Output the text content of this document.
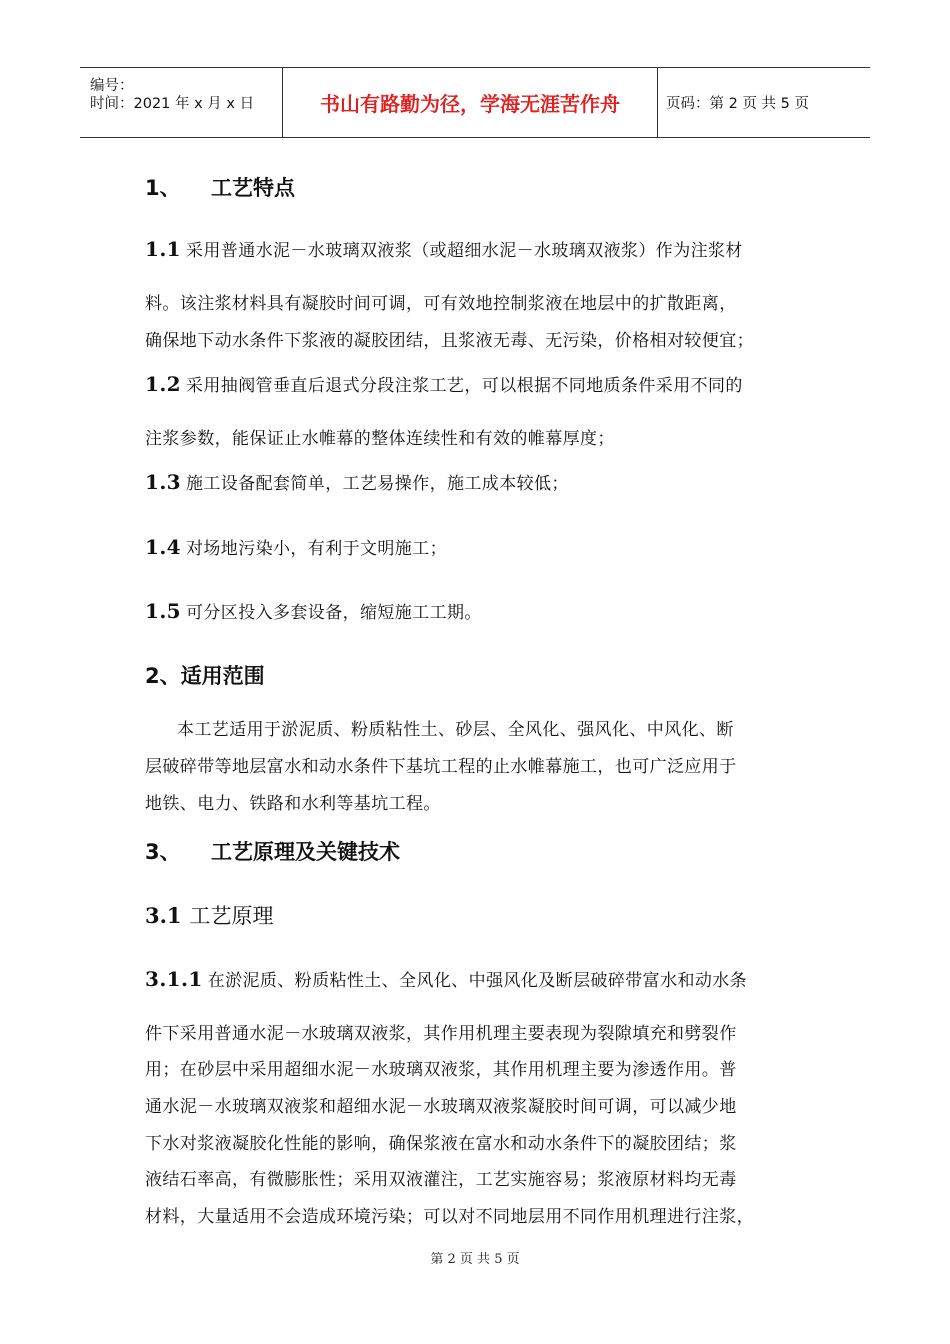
编号：
时间：2021 年 x 月 x 日	书山有路勤为径，学海无涯苦作舟	页码：第 2 页 共 5 页
1、 工艺特点
1.1 采用普通水泥－水玻璃双液浆（或超细水泥－水玻璃双液浆）作为注浆材
料。该注浆材料具有凝胶时间可调，可有效地控制浆液在地层中的扩散距离，
确保地下动水条件下浆液的凝胶团结，且浆液无毒、无污染，价格相对较便宜；
1.2 采用抽阀管垂直后退式分段注浆工艺，可以根据不同地质条件采用不同的
注浆参数，能保证止水帷幕的整体连续性和有效的帷幕厚度；
1.3 施工设备配套简单，工艺易操作，施工成本较低；
1.4 对场地污染小，有利于文明施工；
1.5 可分区投入多套设备，缩短施工工期。
2、适用范围
本工艺适用于淤泥质、粉质粘性土、砂层、全风化、强风化、中风化、断
层破碎带等地层富水和动水条件下基坑工程的止水帷幕施工，也可广泛应用于
地铁、电力、铁路和水利等基坑工程。
3、 工艺原理及关键技术
3.1 工艺原理
3.1.1 在淤泥质、粉质粘性土、全风化、中强风化及断层破碎带富水和动水条
件下采用普通水泥－水玻璃双液浆，其作用机理主要表现为裂隙填充和劈裂作
用；在砂层中采用超细水泥－水玻璃双液浆，其作用机理主要为渗透作用。普
通水泥－水玻璃双液浆和超细水泥－水玻璃双液浆凝胶时间可调，可以减少地
下水对浆液凝胶化性能的影响，确保浆液在富水和动水条件下的凝胶团结；浆
液结石率高，有微膨胀性；采用双液灌注，工艺实施容易；浆液原材料均无毒
材料，大量适用不会造成环境污染；可以对不同地层用不同作用机理进行注浆，
第 2 页 共 5 页
